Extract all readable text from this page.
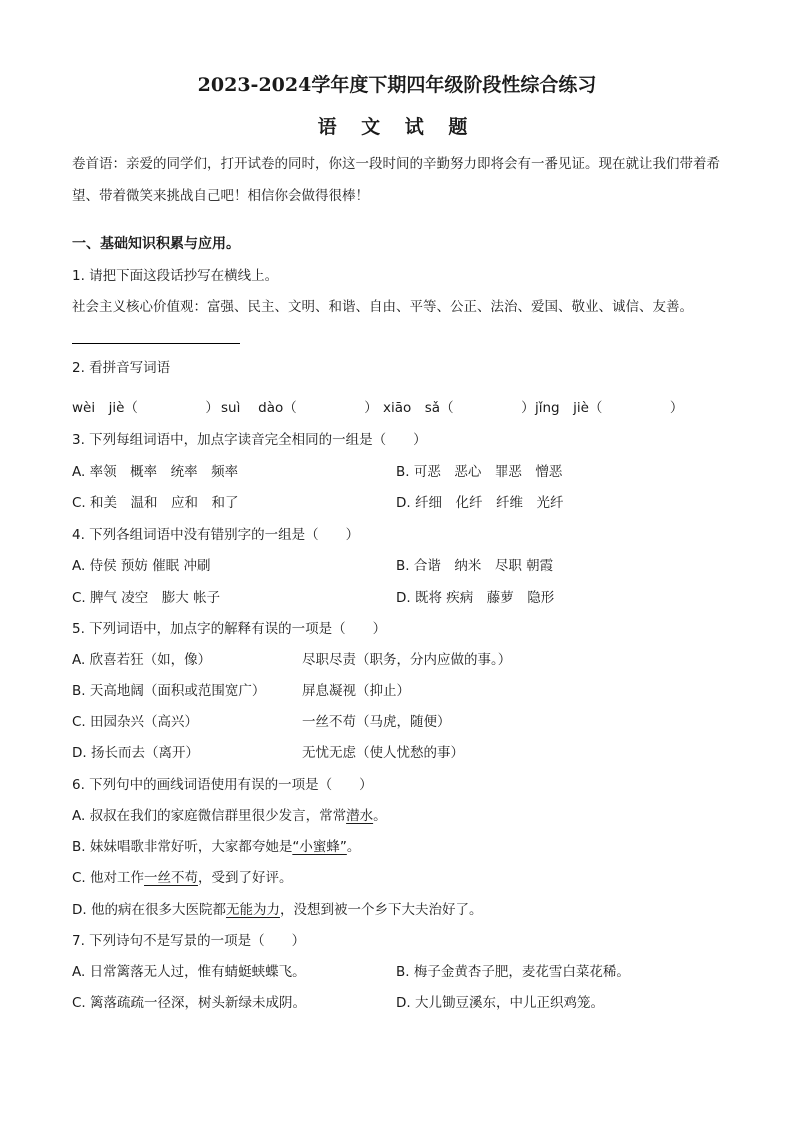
2023-2024学年度下期四年级阶段性综合练习
语 文 试 题
卷首语：亲爱的同学们，打开试卷的同时，你这一段时间的辛勤努力即将会有一番见证。现在就让我们带着希望、带着微笑来挑战自己吧！相信你会做得很棒！
一、基础知识积累与应用。
1. 请把下面这段话抄写在横线上。
社会主义核心价值观：富强、民主、文明、和谐、自由、平等、公正、法治、爱国、敬业、诚信、友善。
2. 看拼音写词语
wèi　jiè（　　　　　） suì　 dào（　　　　　） xiāo　sǎ（　　　　　） jǐng　jiè（　　　　　）
3. 下列每组词语中，加点字读音完全相同的一组是（　　）
A. 率领　概率　统率　频率	B. 可恶　恶心　罪恶　憎恶
C. 和美　温和　应和　和了	D. 纤细　化纤　纤维　光纤
4. 下列各组词语中没有错别字的一组是（　　）
A. 侍侯 预妨 催眠 冲刷	B. 合谐　纳米　尽职 朝霞
C. 脾气 凌空　膨大 帐子	D. 既将 疾病　藤萝　隐形
5. 下列词语中，加点字的解释有误的一项是（　　）
A. 欣喜若狂（如，像）	尽职尽责（职务，分内应做的事。）
B. 天高地阔（面积或范围宽广）	屏息凝视（抑止）
C. 田园杂兴（高兴）	一丝不苟（马虎，随便）
D. 扬长而去（离开）	无忧无虑（使人忧愁的事）
6. 下列句中的画线词语使用有误的一项是（　　）
A. 叔叔在我们的家庭微信群里很少发言，常常潜水。
B. 妹妹唱歌非常好听，大家都夸她是“小蜜蜂”。
C. 他对工作一丝不苟，受到了好评。
D. 他的病在很多大医院都无能为力，没想到被一个乡下大夫治好了。
7. 下列诗句不是写景的一项是（　　）
A. 日常篱落无人过，惟有蜻蜓蛱蝶飞。	B. 梅子金黄杏子肥，麦花雪白菜花稀。
C. 篱落疏疏一径深，树头新绿未成阴。	D. 大儿锄豆溪东，中儿正织鸡笼。
